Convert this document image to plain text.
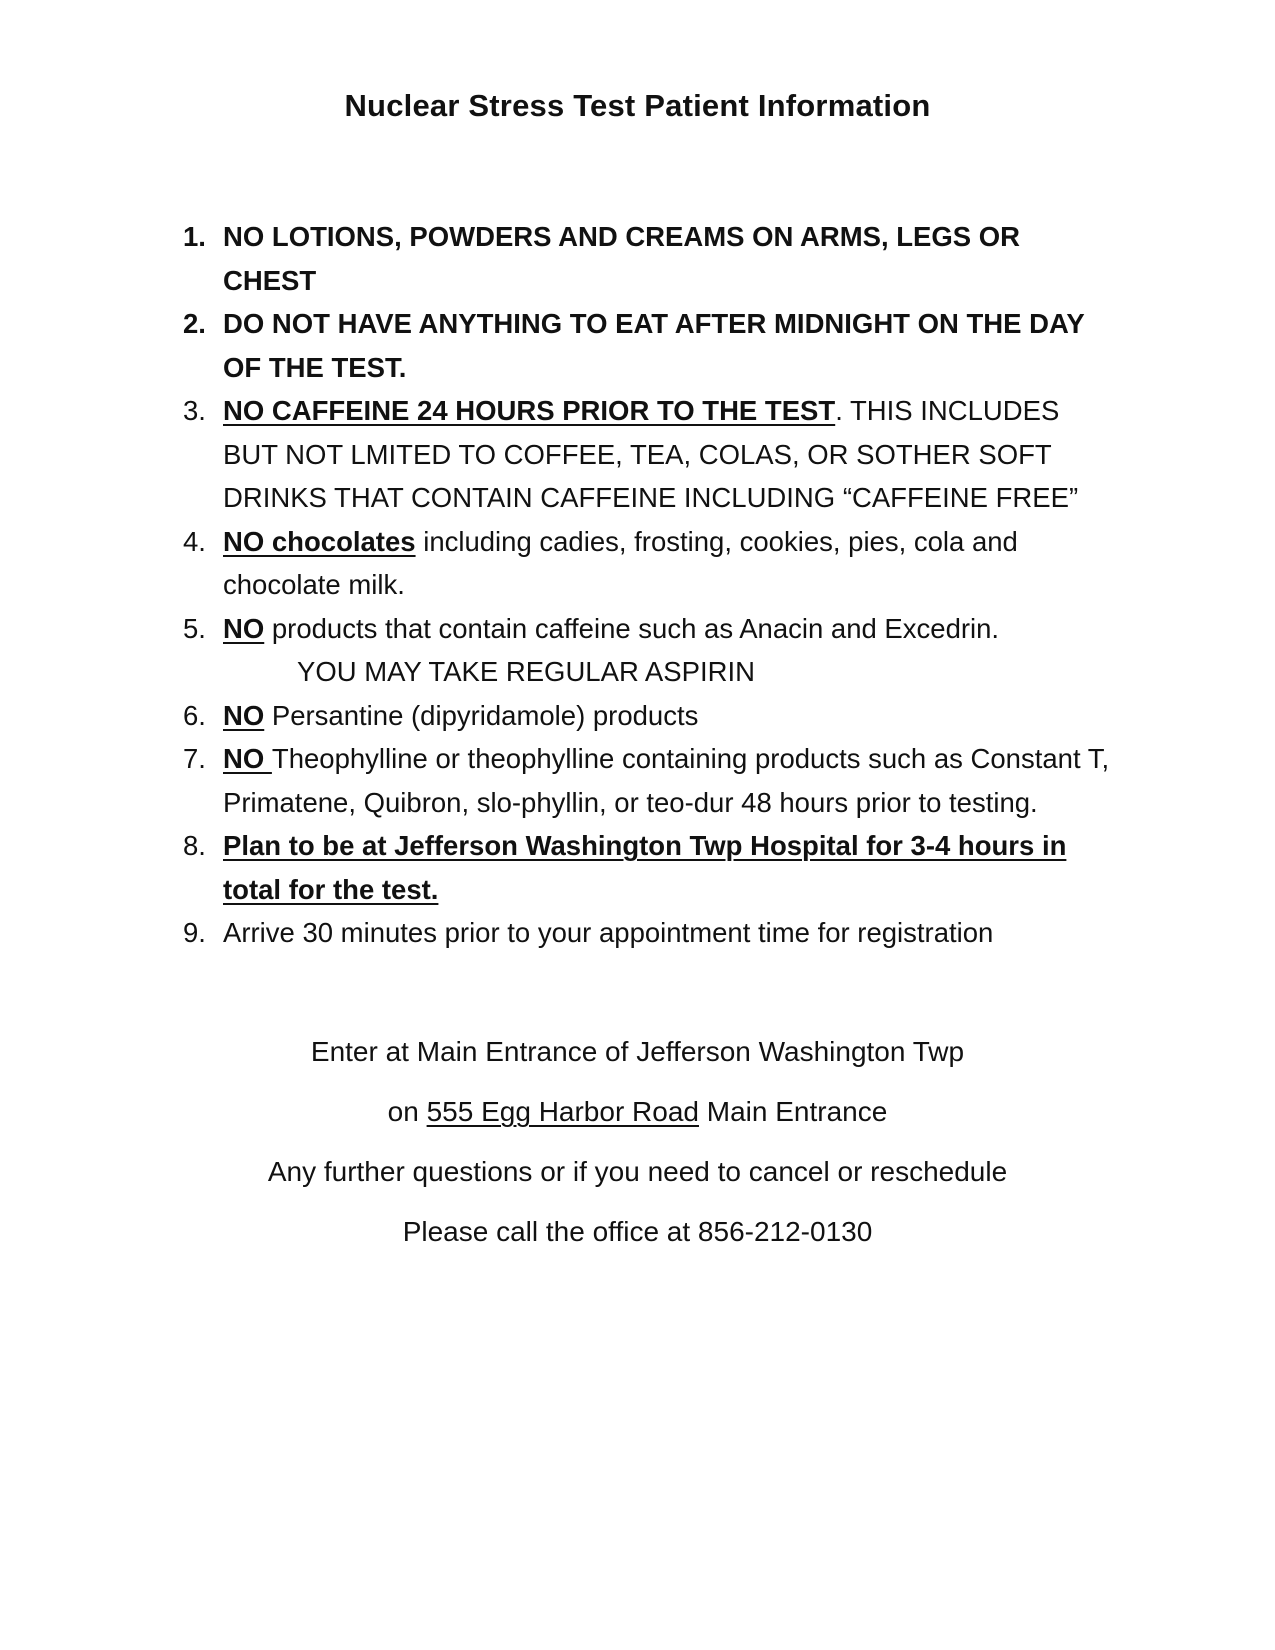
Nuclear Stress Test Patient Information
1. NO LOTIONS, POWDERS AND CREAMS ON ARMS, LEGS OR CHEST
2. DO NOT HAVE ANYTHING TO EAT AFTER MIDNIGHT ON THE DAY OF THE TEST.
3. NO CAFFEINE 24 HOURS PRIOR TO THE TEST. THIS INCLUDES BUT NOT LMITED TO COFFEE, TEA, COLAS, OR SOTHER SOFT DRINKS THAT CONTAIN CAFFEINE INCLUDING “CAFFEINE FREE”
4. NO chocolates including cadies, frosting, cookies, pies, cola and chocolate milk.
5. NO products that contain caffeine such as Anacin and Excedrin.
YOU MAY TAKE REGULAR ASPIRIN
6. NO Persantine (dipyridamole) products
7. NO Theophylline or theophylline containing products such as Constant T, Primatene, Quibron, slo-phyllin, or teo-dur 48 hours prior to testing.
8. Plan to be at Jefferson Washington Twp Hospital for 3-4 hours in total for the test.
9. Arrive 30 minutes prior to your appointment time for registration

Enter at Main Entrance of Jefferson Washington Twp

on 555 Egg Harbor Road Main Entrance

Any further questions or if you need to cancel or reschedule

Please call the office at 856-212-0130
